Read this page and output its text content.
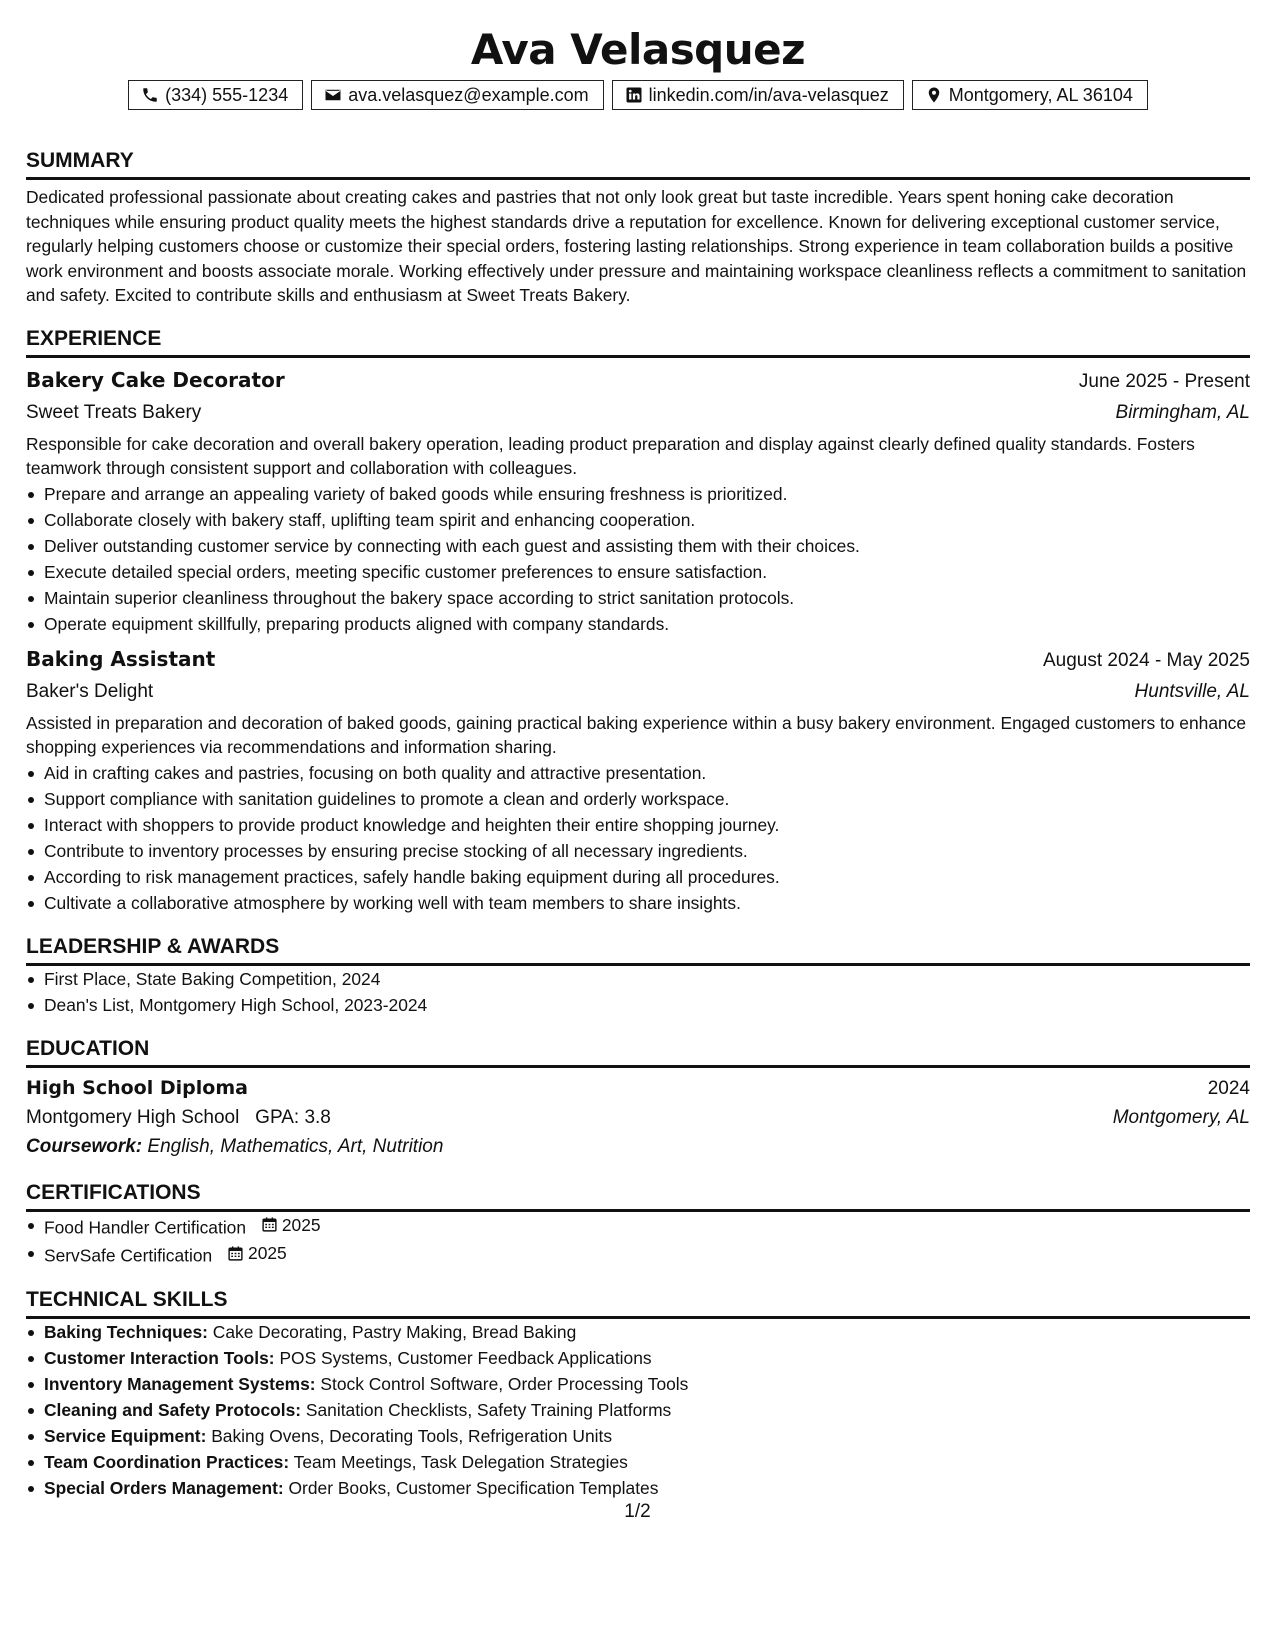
Ava Velasquez
(334) 555-1234	ava.velasquez@example.com	linkedin.com/in/ava-velasquez	Montgomery, AL 36104
SUMMARY
Dedicated professional passionate about creating cakes and pastries that not only look great but taste incredible. Years spent honing cake decoration techniques while ensuring product quality meets the highest standards drive a reputation for excellence. Known for delivering exceptional customer service, regularly helping customers choose or customize their special orders, fostering lasting relationships. Strong experience in team collaboration builds a positive work environment and boosts associate morale. Working effectively under pressure and maintaining workspace cleanliness reflects a commitment to sanitation and safety. Excited to contribute skills and enthusiasm at Sweet Treats Bakery.
EXPERIENCE
Bakery Cake Decorator	June 2025 - Present
Sweet Treats Bakery	Birmingham, AL
Responsible for cake decoration and overall bakery operation, leading product preparation and display against clearly defined quality standards. Fosters teamwork through consistent support and collaboration with colleagues.
Prepare and arrange an appealing variety of baked goods while ensuring freshness is prioritized.
Collaborate closely with bakery staff, uplifting team spirit and enhancing cooperation.
Deliver outstanding customer service by connecting with each guest and assisting them with their choices.
Execute detailed special orders, meeting specific customer preferences to ensure satisfaction.
Maintain superior cleanliness throughout the bakery space according to strict sanitation protocols.
Operate equipment skillfully, preparing products aligned with company standards.
Baking Assistant	August 2024 - May 2025
Baker's Delight	Huntsville, AL
Assisted in preparation and decoration of baked goods, gaining practical baking experience within a busy bakery environment. Engaged customers to enhance shopping experiences via recommendations and information sharing.
Aid in crafting cakes and pastries, focusing on both quality and attractive presentation.
Support compliance with sanitation guidelines to promote a clean and orderly workspace.
Interact with shoppers to provide product knowledge and heighten their entire shopping journey.
Contribute to inventory processes by ensuring precise stocking of all necessary ingredients.
According to risk management practices, safely handle baking equipment during all procedures.
Cultivate a collaborative atmosphere by working well with team members to share insights.
LEADERSHIP & AWARDS
First Place, State Baking Competition, 2024
Dean's List, Montgomery High School, 2023-2024
EDUCATION
High School Diploma	2024
Montgomery High School GPA: 3.8	Montgomery, AL
Coursework: English, Mathematics, Art, Nutrition
CERTIFICATIONS
Food Handler Certification 2025
ServSafe Certification 2025
TECHNICAL SKILLS
Baking Techniques: Cake Decorating, Pastry Making, Bread Baking
Customer Interaction Tools: POS Systems, Customer Feedback Applications
Inventory Management Systems: Stock Control Software, Order Processing Tools
Cleaning and Safety Protocols: Sanitation Checklists, Safety Training Platforms
Service Equipment: Baking Ovens, Decorating Tools, Refrigeration Units
Team Coordination Practices: Team Meetings, Task Delegation Strategies
Special Orders Management: Order Books, Customer Specification Templates
1/2
